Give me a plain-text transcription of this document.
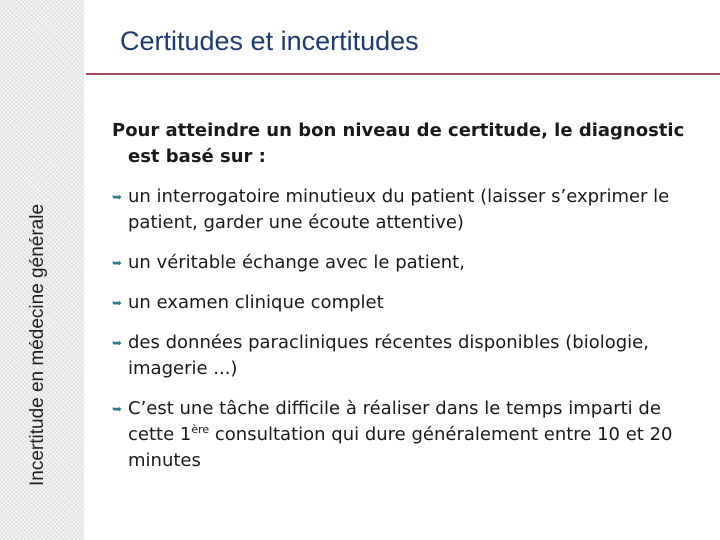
Incertitude en médecine générale
Certitudes et incertitudes

Pour atteindre un bon niveau de certitude, le diagnostic est basé sur :

➥ un interrogatoire minutieux du patient (laisser s’exprimer le patient, garder une écoute attentive)
➥ un véritable échange avec le patient,
➥ un examen clinique complet
➥ des données paracliniques récentes disponibles (biologie, imagerie ...)
➥ C’est une tâche difficile à réaliser dans le temps imparti de cette 1ère consultation qui dure généralement entre 10 et 20 minutes
